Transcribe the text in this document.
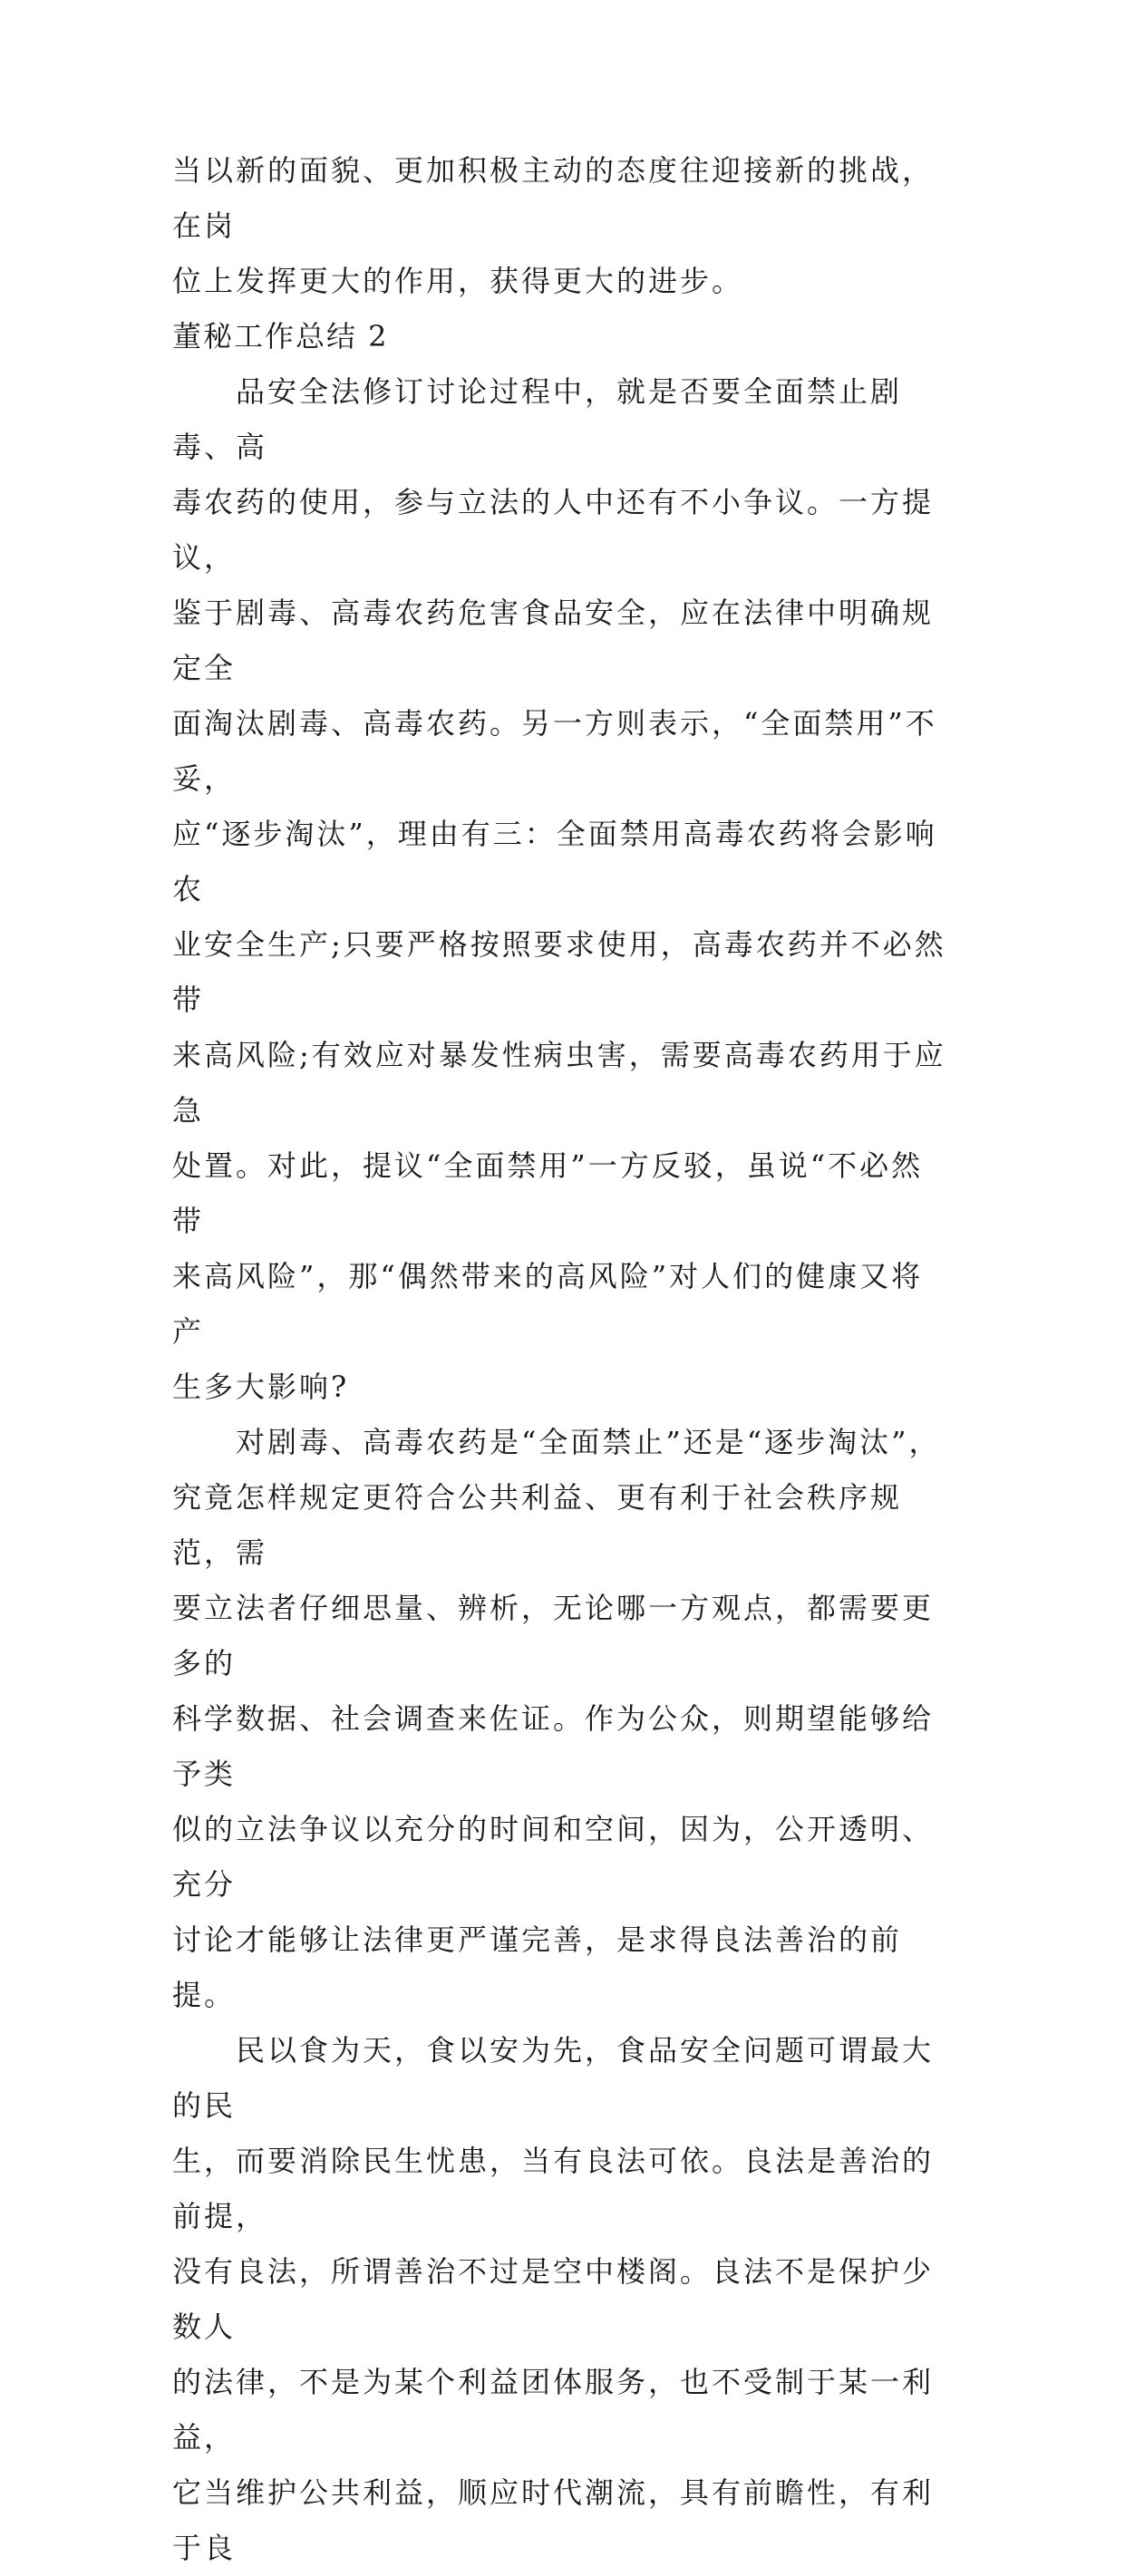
当以新的面貌、更加积极主动的态度往迎接新的挑战，在岗
位上发挥更大的作用，获得更大的进步。

董秘工作总结 2

品安全法修订讨论过程中，就是否要全面禁止剧毒、高
毒农药的使用，参与立法的人中还有不小争议。一方提议，
鉴于剧毒、高毒农药危害食品安全，应在法律中明确规定全
面淘汰剧毒、高毒农药。另一方则表示，“全面禁用”不妥，
应“逐步淘汰”，理由有三：全面禁用高毒农药将会影响农
业安全生产;只要严格按照要求使用，高毒农药并不必然带
来高风险;有效应对暴发性病虫害，需要高毒农药用于应急
处置。对此，提议“全面禁用”一方反驳，虽说“不必然带
来高风险”，那“偶然带来的高风险”对人们的健康又将产
生多大影响?

对剧毒、高毒农药是“全面禁止”还是“逐步淘汰”，
究竟怎样规定更符合公共利益、更有利于社会秩序规范，需
要立法者仔细思量、辨析，无论哪一方观点，都需要更多的
科学数据、社会调查来佐证。作为公众，则期望能够给予类
似的立法争议以充分的时间和空间，因为，公开透明、充分
讨论才能够让法律更严谨完善，是求得良法善治的前提。

民以食为天，食以安为先，食品安全问题可谓最大的民
生，而要消除民生忧患，当有良法可依。良法是善治的前提，
没有良法，所谓善治不过是空中楼阁。良法不是保护少数人
的法律，不是为某个利益团体服务，也不受制于某一利益，
它当维护公共利益，顺应时代潮流，具有前瞻性，有利于良
